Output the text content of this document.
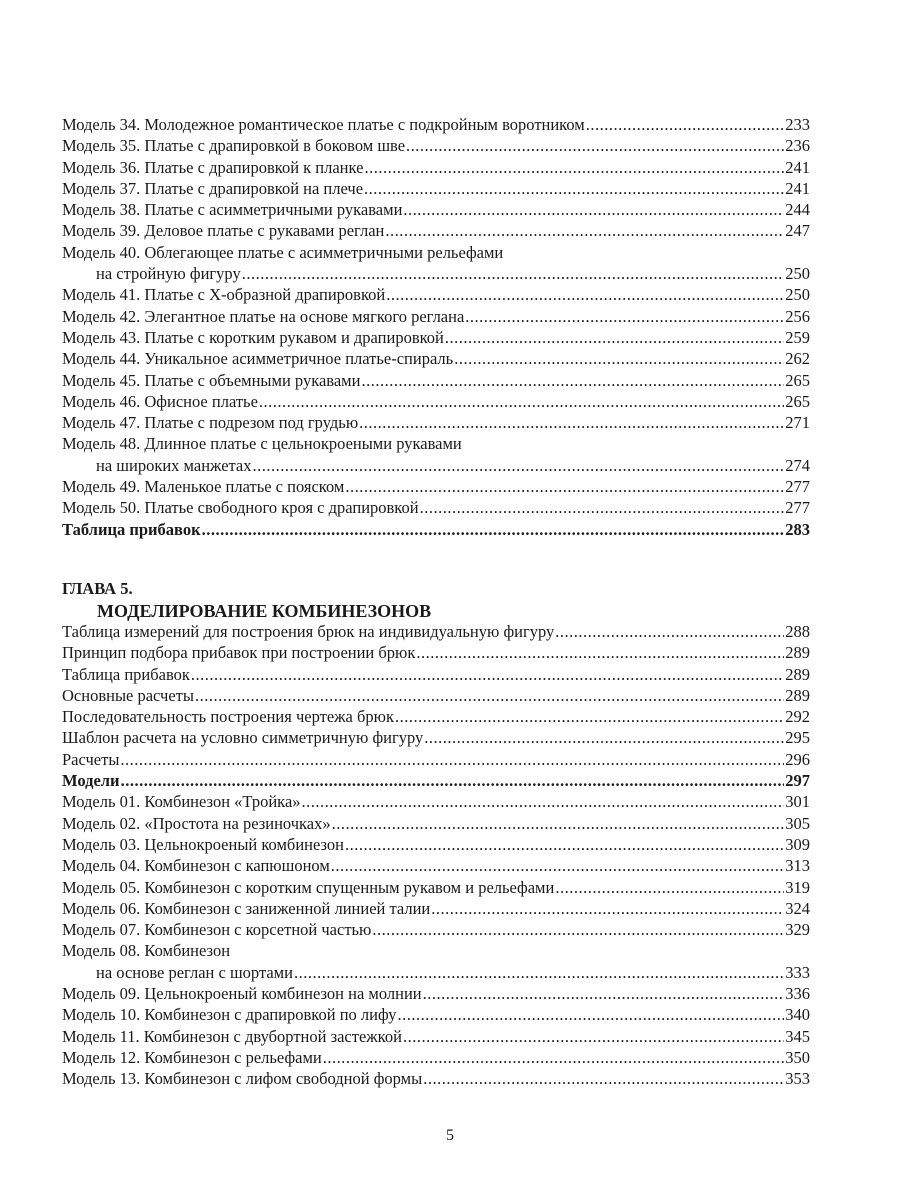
Модель 34. Молодежное романтическое платье с подкройным воротником .....	233
Модель 35. Платье с драпировкой в боковом шве .....	236
Модель 36. Платье с драпировкой к планке .....	241
Модель 37. Платье с драпировкой на плече .....	241
Модель 38. Платье с асимметричными рукавами .....	244
Модель 39. Деловое платье с рукавами реглан .....	247
Модель 40. Облегающее платье с асимметричными рельефами
на стройную фигуру .....	250
Модель 41. Платье с Х-образной драпировкой .....	250
Модель 42. Элегантное платье на основе мягкого реглана .....	256
Модель 43. Платье с коротким рукавом и драпировкой .....	259
Модель 44. Уникальное асимметричное платье-спираль .....	262
Модель 45. Платье с объемными рукавами .....	265
Модель 46. Офисное платье .....	265
Модель 47. Платье с подрезом под грудью .....	271
Модель 48. Длинное платье с цельнокроеными рукавами
на широких манжетах .....	274
Модель 49. Маленькое платье с пояском .....	277
Модель 50. Платье свободного кроя с драпировкой .....	277
Таблица прибавок .....	283
ГЛАВА 5.
МОДЕЛИРОВАНИЕ КОМБИНЕЗОНОВ
Таблица измерений для построения брюк на индивидуальную фигуру .....	288
Принцип подбора прибавок при построении брюк .....	289
Таблица прибавок .....	289
Основные расчеты .....	289
Последовательность построения чертежа брюк .....	292
Шаблон расчета на условно симметричную фигуру .....	295
Расчеты .....	296
Модели .....	297
Модель 01. Комбинезон «Тройка» .....	301
Модель 02. «Простота на резиночках» .....	305
Модель 03. Цельнокроеный комбинезон .....	309
Модель 04. Комбинезон с капюшоном .....	313
Модель 05. Комбинезон с коротким спущенным рукавом и рельефами .....	319
Модель 06. Комбинезон с заниженной линией талии .....	324
Модель 07. Комбинезон с корсетной частью .....	329
Модель 08. Комбинезон
на основе реглан с шортами .....	333
Модель 09. Цельнокроеный комбинезон на молнии .....	336
Модель 10. Комбинезон с драпировкой по лифу .....	340
Модель 11. Комбинезон с двубортной застежкой .....	345
Модель 12. Комбинезон с рельефами .....	350
Модель 13. Комбинезон с лифом свободной формы .....	353
5
